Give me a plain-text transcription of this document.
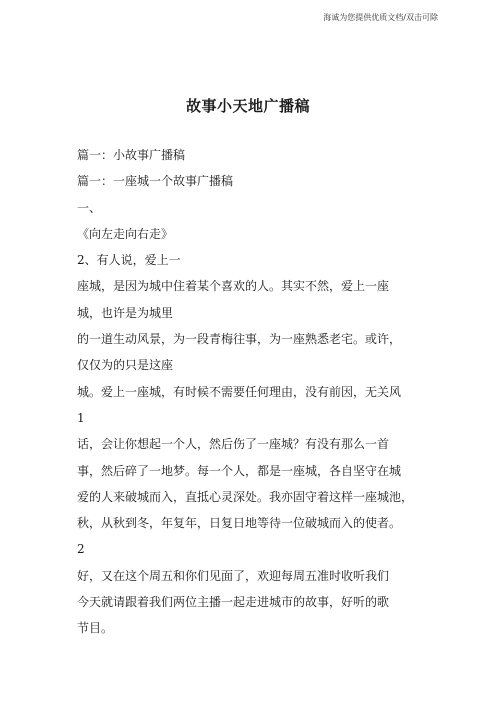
海诚为您提供优质文档/双击可除
故事小天地广播稿
篇一：小故事广播稿
篇一：一座城一个故事广播稿
一、
《向左走向右走》
2、有人说，爱上一
座城，是因为城中住着某个喜欢的人。其实不然，爱上一座
城，也许是为城里
的一道生动风景，为一段青梅往事，为一座熟悉老宅。或许，
仅仅为的只是这座
城。爱上一座城，有时候不需要任何理由，没有前因，无关风
1
话，会让你想起一个人，然后伤了一座城？有没有那么一首
事，然后碎了一地梦。每一个人，都是一座城，各自坚守在城
爱的人来破城而入，直抵心灵深处。我亦固守着这样一座城池，
秋，从秋到冬，年复年，日复日地等待一位破城而入的使者。
2
好，又在这个周五和你们见面了，欢迎每周五准时收听我们
今天就请跟着我们两位主播一起走进城市的故事，好听的歌
节目。
